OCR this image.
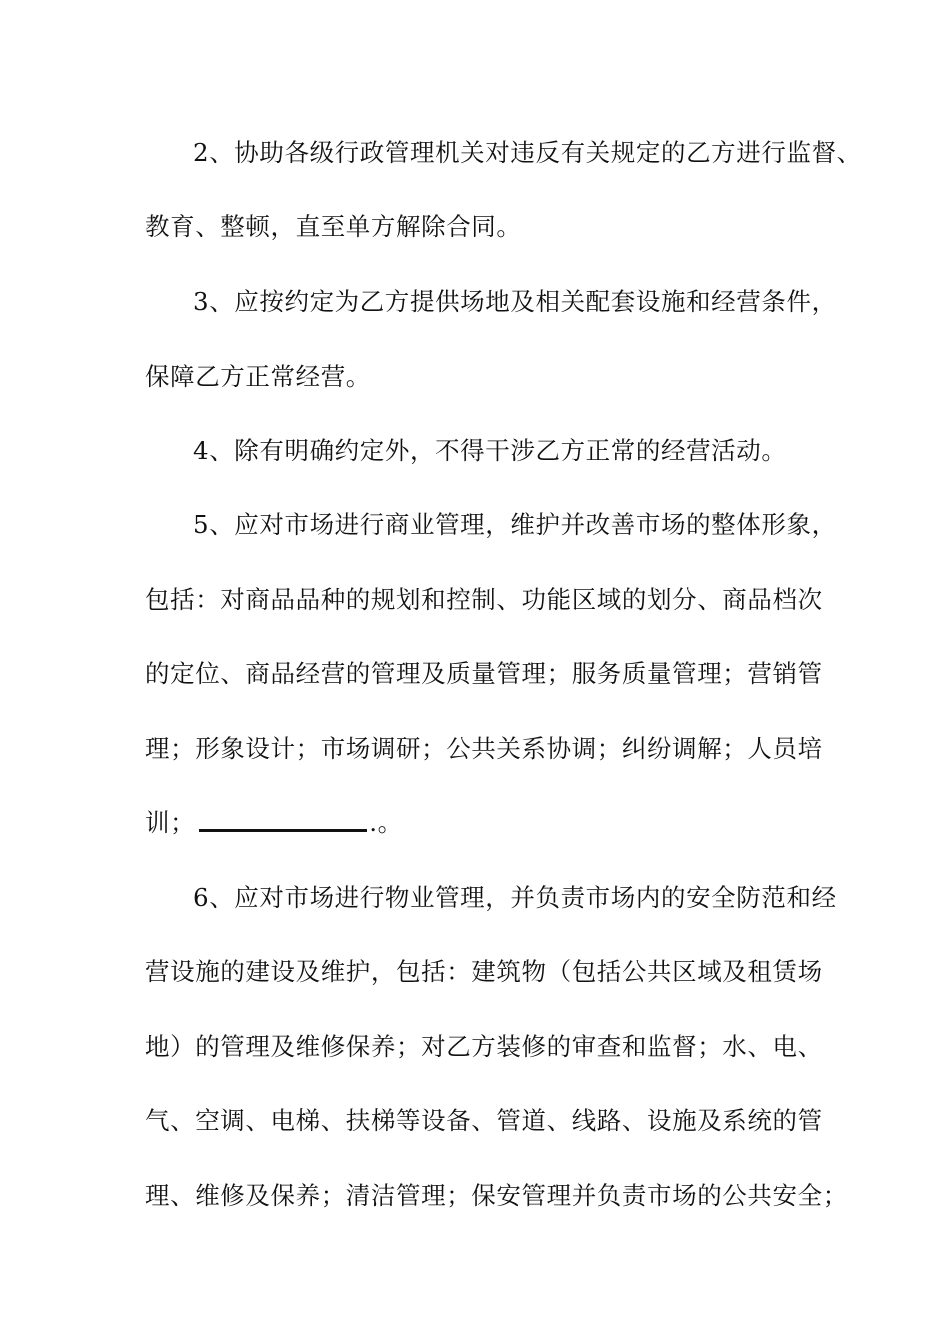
2、协助各级行政管理机关对违反有关规定的乙方进行监督、
教育、整顿，直至单方解除合同。
3、应按约定为乙方提供场地及相关配套设施和经营条件，
保障乙方正常经营。
4、除有明确约定外，不得干涉乙方正常的经营活动。
5、应对市场进行商业管理，维护并改善市场的整体形象，
包括：对商品品种的规划和控制、功能区域的划分、商品档次
的定位、商品经营的管理及质量管理；服务质量管理；营销管
理；形象设计；市场调研；公共关系协调；纠纷调解；人员培
训；	.。
6、应对市场进行物业管理，并负责市场内的安全防范和经
营设施的建设及维护，包括：建筑物（包括公共区域及租赁场
地）的管理及维修保养；对乙方装修的审查和监督；水、电、
气、空调、电梯、扶梯等设备、管道、线路、设施及系统的管
理、维修及保养；清洁管理；保安管理并负责市场的公共安全；
